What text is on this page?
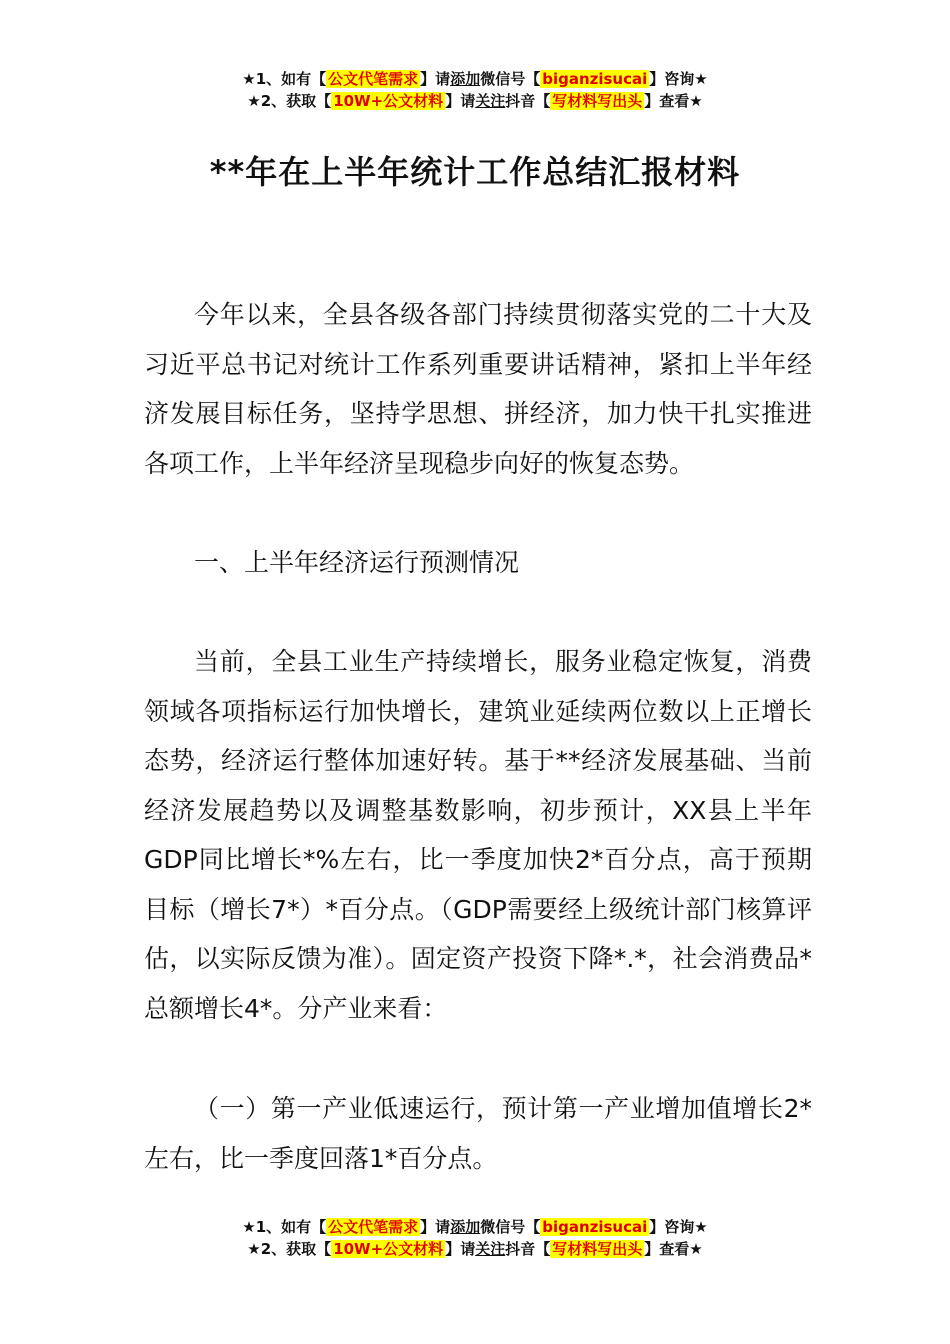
★1、如有【 公文代笔需求 】请添加微信号【 biganzisucai 】咨询★
★2、获取【 10W+公文材料 】请关注抖音【 写材料写出头 】查看★
**年在上半年统计工作总结汇报材料

今年以来，全县各级各部门持续贯彻落实党的二十大及习近平总书记对统计工作系列重要讲话精神，紧扣上半年经济发展目标任务，坚持学思想、拼经济，加力快干扎实推进各项工作，上半年经济呈现稳步向好的恢复态势。

一、上半年经济运行预测情况

当前，全县工业生产持续增长，服务业稳定恢复，消费领域各项指标运行加快增长，建筑业延续两位数以上正增长态势，经济运行整体加速好转。基于**经济发展基础、当前经济发展趋势以及调整基数影响，初步预计，XX县上半年GDP同比增长*%左右，比一季度加快2*百分点，高于预期目标（增长7*）*百分点。（GDP需要经上级统计部门核算评估，以实际反馈为准）。固定资产投资下降*.*，社会消费品*总额增长4*。分产业来看：

（一）第一产业低速运行，预计第一产业增加值增长2*左右，比一季度回落1*百分点。

★1、如有【 公文代笔需求 】请添加微信号【 biganzisucai 】咨询★
★2、获取【 10W+公文材料 】请关注抖音【 写材料写出头 】查看★
